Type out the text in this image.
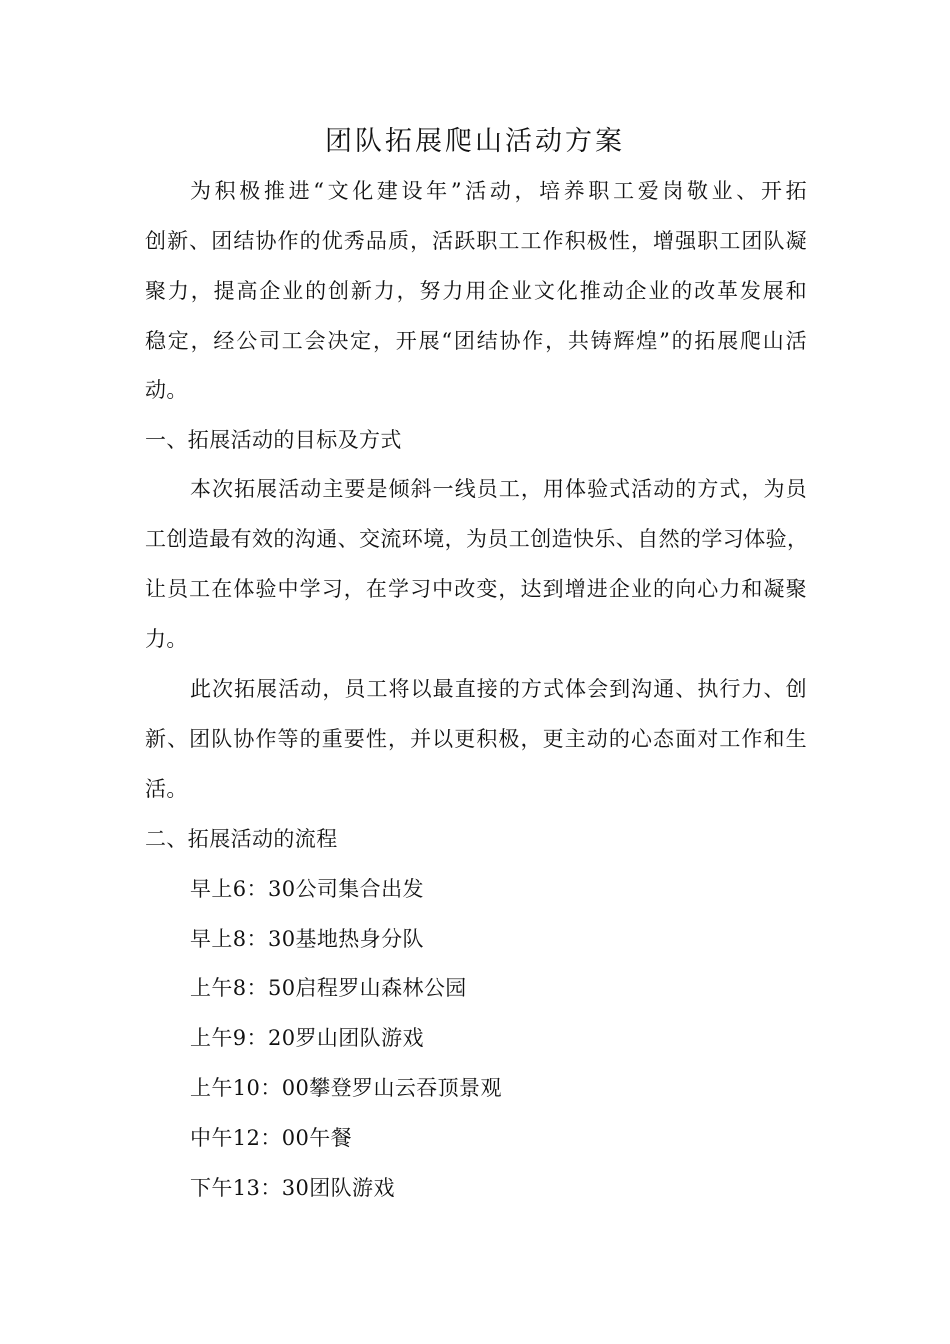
团队拓展爬山活动方案
为积极推进“文化建设年”活动，培养职工爱岗敬业、开拓
创新、团结协作的优秀品质，活跃职工工作积极性，增强职工团队凝
聚力，提高企业的创新力，努力用企业文化推动企业的改革发展和
稳定，经公司工会决定，开展“团结协作，共铸辉煌”的拓展爬山活
动。
一、拓展活动的目标及方式
本次拓展活动主要是倾斜一线员工，用体验式活动的方式，为员
工创造最有效的沟通、交流环境，为员工创造快乐、自然的学习体验，
让员工在体验中学习，在学习中改变，达到增进企业的向心力和凝聚
力。
此次拓展活动，员工将以最直接的方式体会到沟通、执行力、创
新、团队协作等的重要性，并以更积极，更主动的心态面对工作和生
活。
二、拓展活动的流程
早上6：30公司集合出发
早上8：30基地热身分队
上午8：50启程罗山森林公园
上午9：20罗山团队游戏
上午10：00攀登罗山云吞顶景观
中午12：00午餐
下午13：30团队游戏
